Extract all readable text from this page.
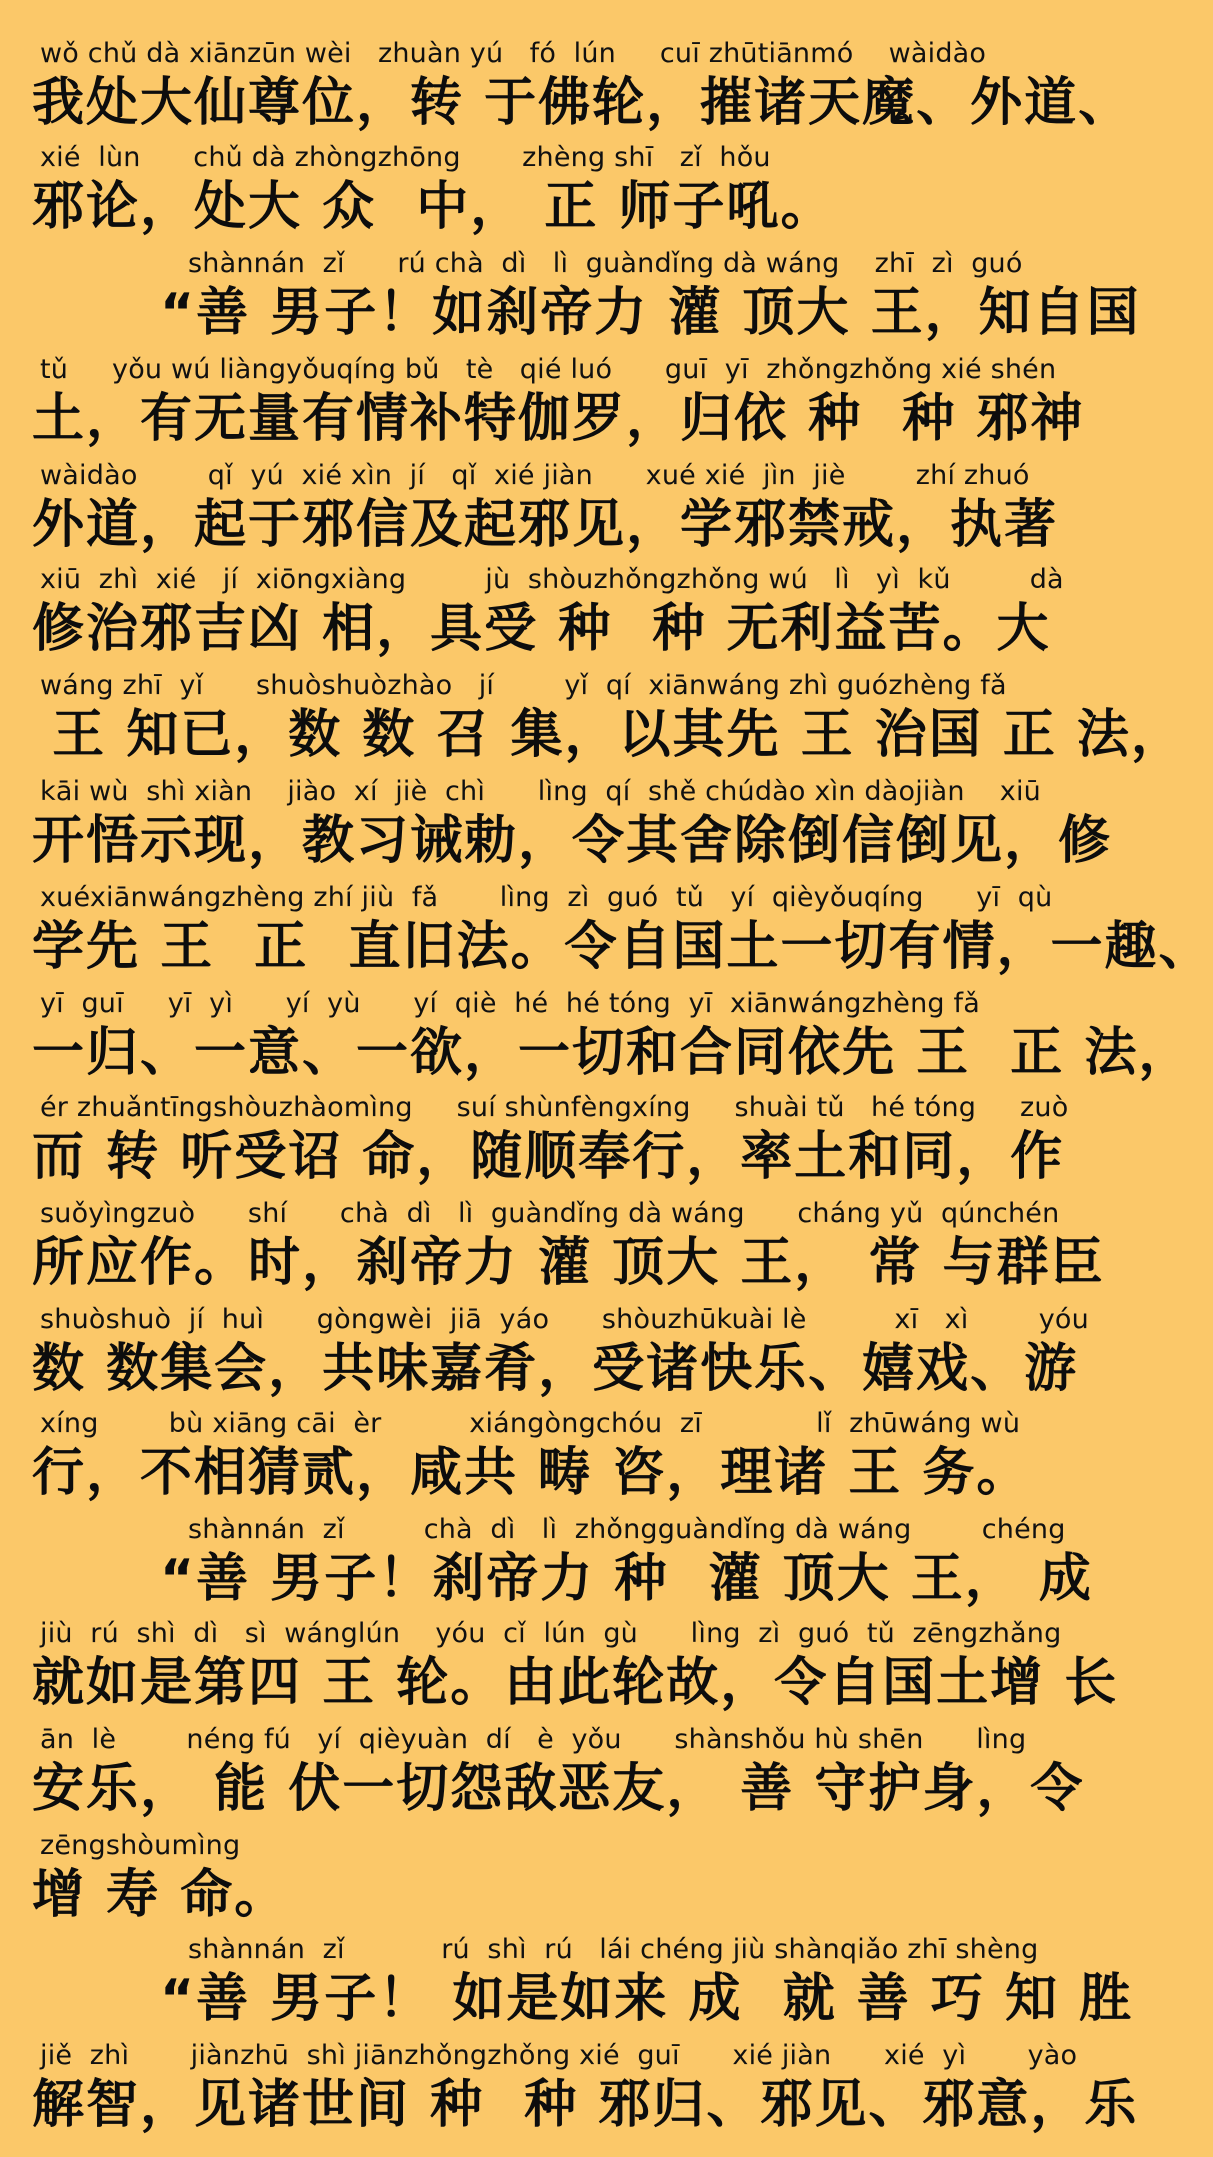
wǒ chǔ dà xiānzūn wèi   zhuàn yú   fó  lún     cuī zhūtiānmó    wàidào
我处大仙尊位，转 于佛轮，摧诸天魔、外道、
xié  lùn      chǔ dà zhòngzhōng       zhèng shī   zǐ  hǒu
邪论，处大 众  中， 正 师子吼。
shànnán  zǐ      rú chà  dì   lì  guàndǐng dà wáng    zhī  zì  guó
“善 男子！如刹帝力 灌 顶大 王，知自国
tǔ     yǒu wú liàngyǒuqíng bǔ   tè   qié luó      guī  yī  zhǒngzhǒng xié shén
土，有无量有情补特伽罗，归依 种  种 邪神
wàidào        qǐ  yú  xié xìn  jí   qǐ  xié jiàn      xué xié  jìn  jiè        zhí zhuó
外道，起于邪信及起邪见，学邪禁戒，执著
xiū  zhì  xié   jí  xiōngxiàng         jù  shòuzhǒngzhǒng wú   lì   yì  kǔ         dà
修治邪吉凶 相，具受 种  种 无利益苦。大
wáng zhī  yǐ      shuòshuòzhào   jí        yǐ  qí  xiānwáng zhì guózhèng fǎ
王 知已，数 数 召 集，以其先 王 治国 正 法，
kāi wù  shì xiàn    jiào  xí  jiè  chì      lìng  qí  shě chúdào xìn dàojiàn    xiū
开悟示现，教习诫勅，令其舍除倒信倒见，修
xuéxiānwángzhèng zhí jiù  fǎ       lìng  zì  guó  tǔ   yí  qièyǒuqíng      yī  qù
学先 王  正  直旧法。令自国土一切有情，一趣、
yī  guī     yī  yì      yí  yù      yí  qiè  hé  hé tóng  yī  xiānwángzhèng fǎ
一归、一意、一欲，一切和合同依先 王  正 法，
ér zhuǎntīngshòuzhàomìng     suí shùnfèngxíng     shuài tǔ   hé tóng     zuò
而 转 听受诏 命，随顺奉行，率土和同，作
suǒyìngzuò      shí      chà  dì   lì  guàndǐng dà wáng      cháng yǔ  qúnchén
所应作。时，刹帝力 灌 顶大 王， 常 与群臣
shuòshuò  jí  huì      gòngwèi  jiā  yáo      shòuzhūkuài lè          xī   xì        yóu
数 数集会，共味嘉肴，受诸快乐、嬉戏、游
xíng        bù xiāng cāi  èr          xiángòngchóu  zī             lǐ  zhūwáng wù
行，不相猜贰，咸共 畴 咨，理诸 王 务。
shànnán  zǐ         chà  dì   lì  zhǒngguàndǐng dà wáng        chéng
“善 男子！刹帝力 种  灌 顶大 王， 成
jiù  rú  shì  dì   sì  wánglún    yóu  cǐ  lún  gù      lìng  zì  guó  tǔ  zēngzhǎng
就如是第四 王 轮。由此轮故，令自国土增 长
ān  lè        néng fú   yí  qièyuàn  dí   è  yǒu      shànshǒu hù shēn      lìng
安乐， 能 伏一切怨敌恶友， 善 守护身，令
zēngshòumìng
增 寿 命。
shànnán  zǐ           rú  shì  rú   lái chéng jiù shànqiǎo zhī shèng
“善 男子！ 如是如来 成  就 善 巧 知 胜
jiě  zhì       jiànzhū  shì jiānzhǒngzhǒng xié  guī      xié jiàn      xié  yì       yào
解智，见诸世间 种  种 邪归、邪见、邪意，乐
